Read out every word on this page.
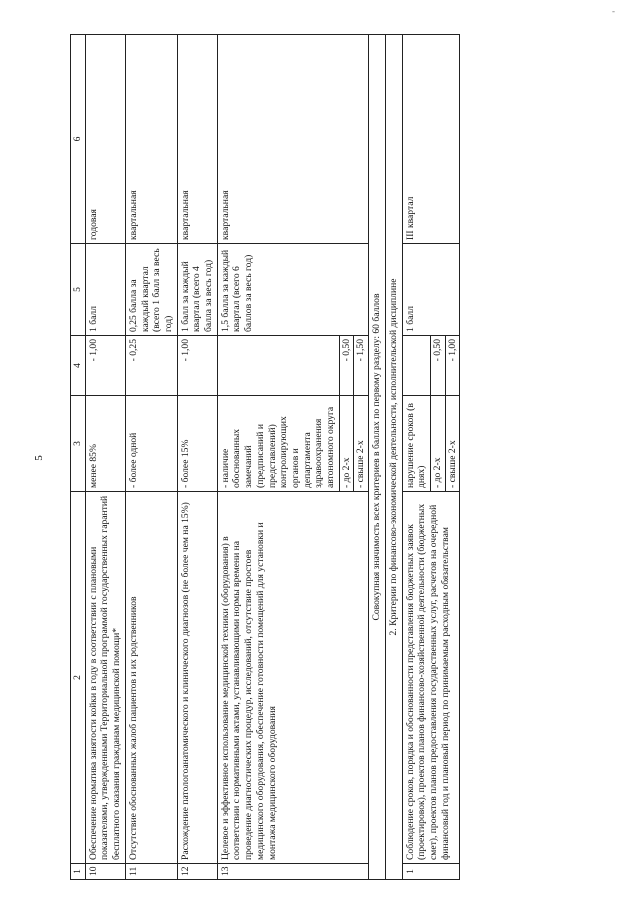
-
5
1	2	3	4	5	6
10	Обеспечение норматива занятости койки в году в соответствии с плановыми показателями, утвержденными Территориальной программой государственных гарантий бесплатного оказания гражданам медицинской помощи*	менее 85%	- 1,00	1 балл	годовая
11	Отсутствие обоснованных жалоб пациентов и их родственников	- более одной	- 0,25	0,25 балла за каждый квартал (всего 1 балл за весь год)	квартальная
12	Расхождение патологоанатомического и клинического диагнозов (не более чем на 15%)	- более 15%	- 1,00	1 балл за каждый квартал (всего 4 балла за весь год)	квартальная
13	Целевое и эффективное использование медицинской техники (оборудования) в соответствии с нормативными актами, устанавливающими нормы времени на проведение диагностических процедур, исследований, отсутствие простоев медицинского оборудования, обеспечение готовности помещений для установки и монтажа медицинского оборудования	- наличие обоснованных замечаний (предписаний и представлений) контролирующих органов и департамента здравоохранения автономного округа		1,5 балла за каждый квартал (всего 6 баллов за весь год)	квартальная
		- до 2-х	- 0,50		
		- свыше 2-х	- 1,50		
Совокупная значимость всех критериев в баллах по первому разделу: 60 баллов					
2. Критерии по финансово-экономической деятельности, исполнительской дисциплине					
1	Соблюдение сроков, порядка и обоснованности представления бюджетных заявок (проектировок), проектов планов финансово-хозяйственной деятельности (бюджетных смет), проектов планов предоставления государственных услуг, расчетов на очередной финансовый год и плановый период по принимаемым расходным обязательствам	нарушение сроков (в днях)		1 балл	III квартал
		- до 2-х	- 0,50		
		- свыше 2-х	- 1,00		
